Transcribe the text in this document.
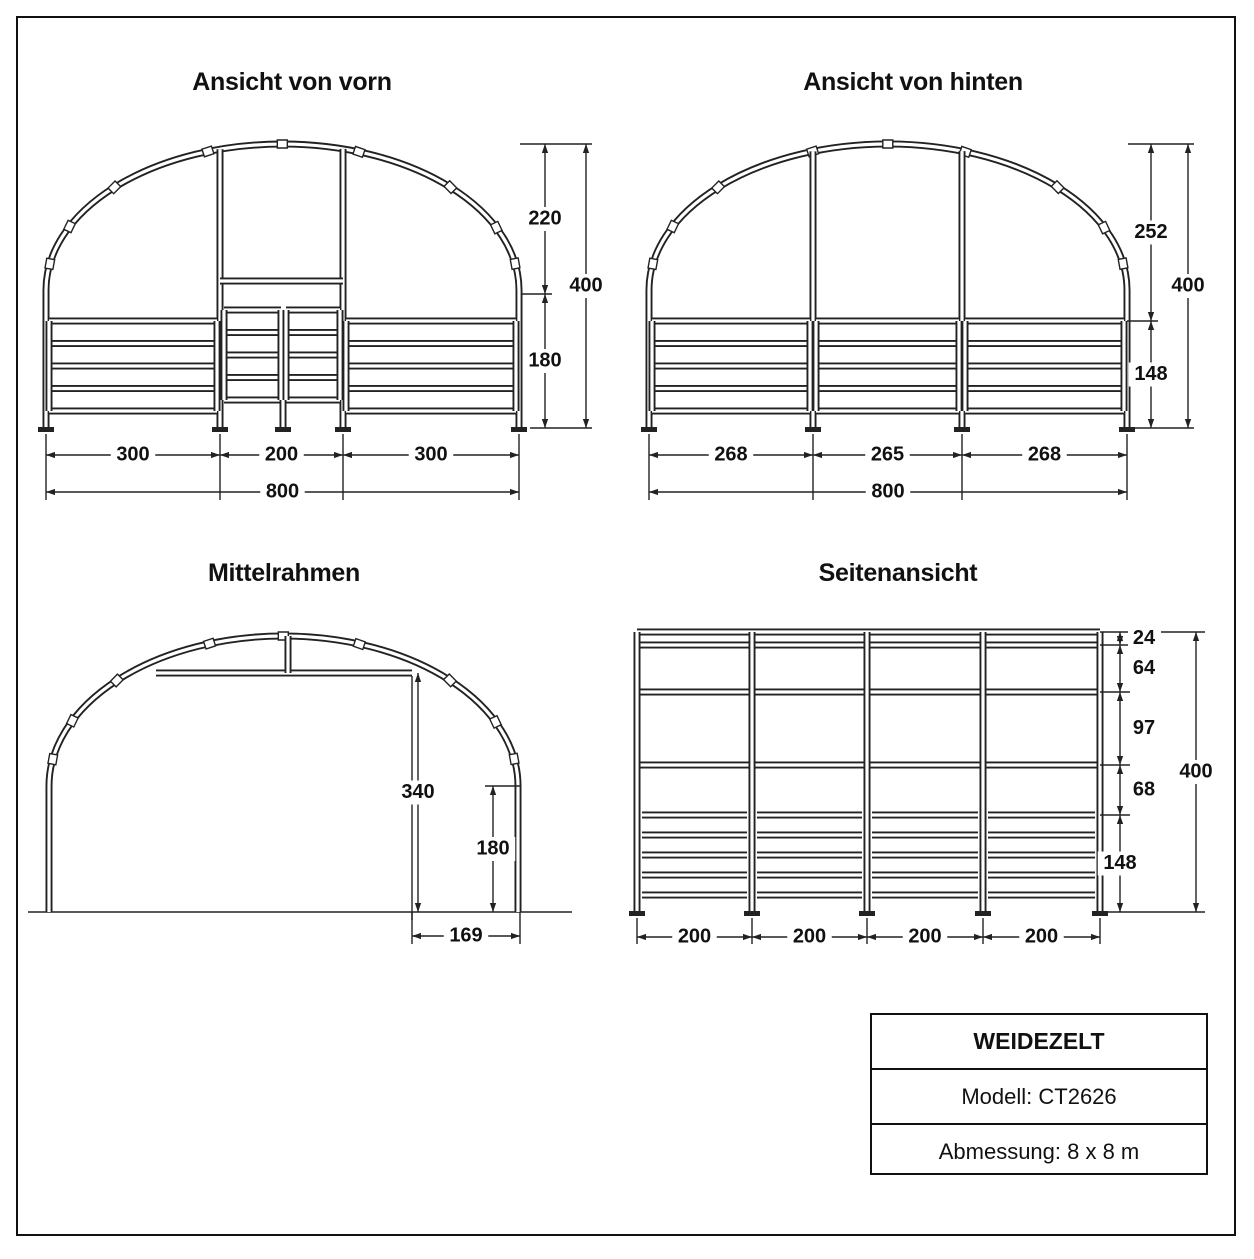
300	200	300
800
220
180
400
268	265	268
800
252
148
400
340
180
169	200	200	200	200
24
64
97
68
148
400
Ansicht von vorn	Ansicht von hinten
Mittelrahmen	Seitenansicht
WEIDEZELT
Modell: CT2626
Abmessung: 8 x 8 m
